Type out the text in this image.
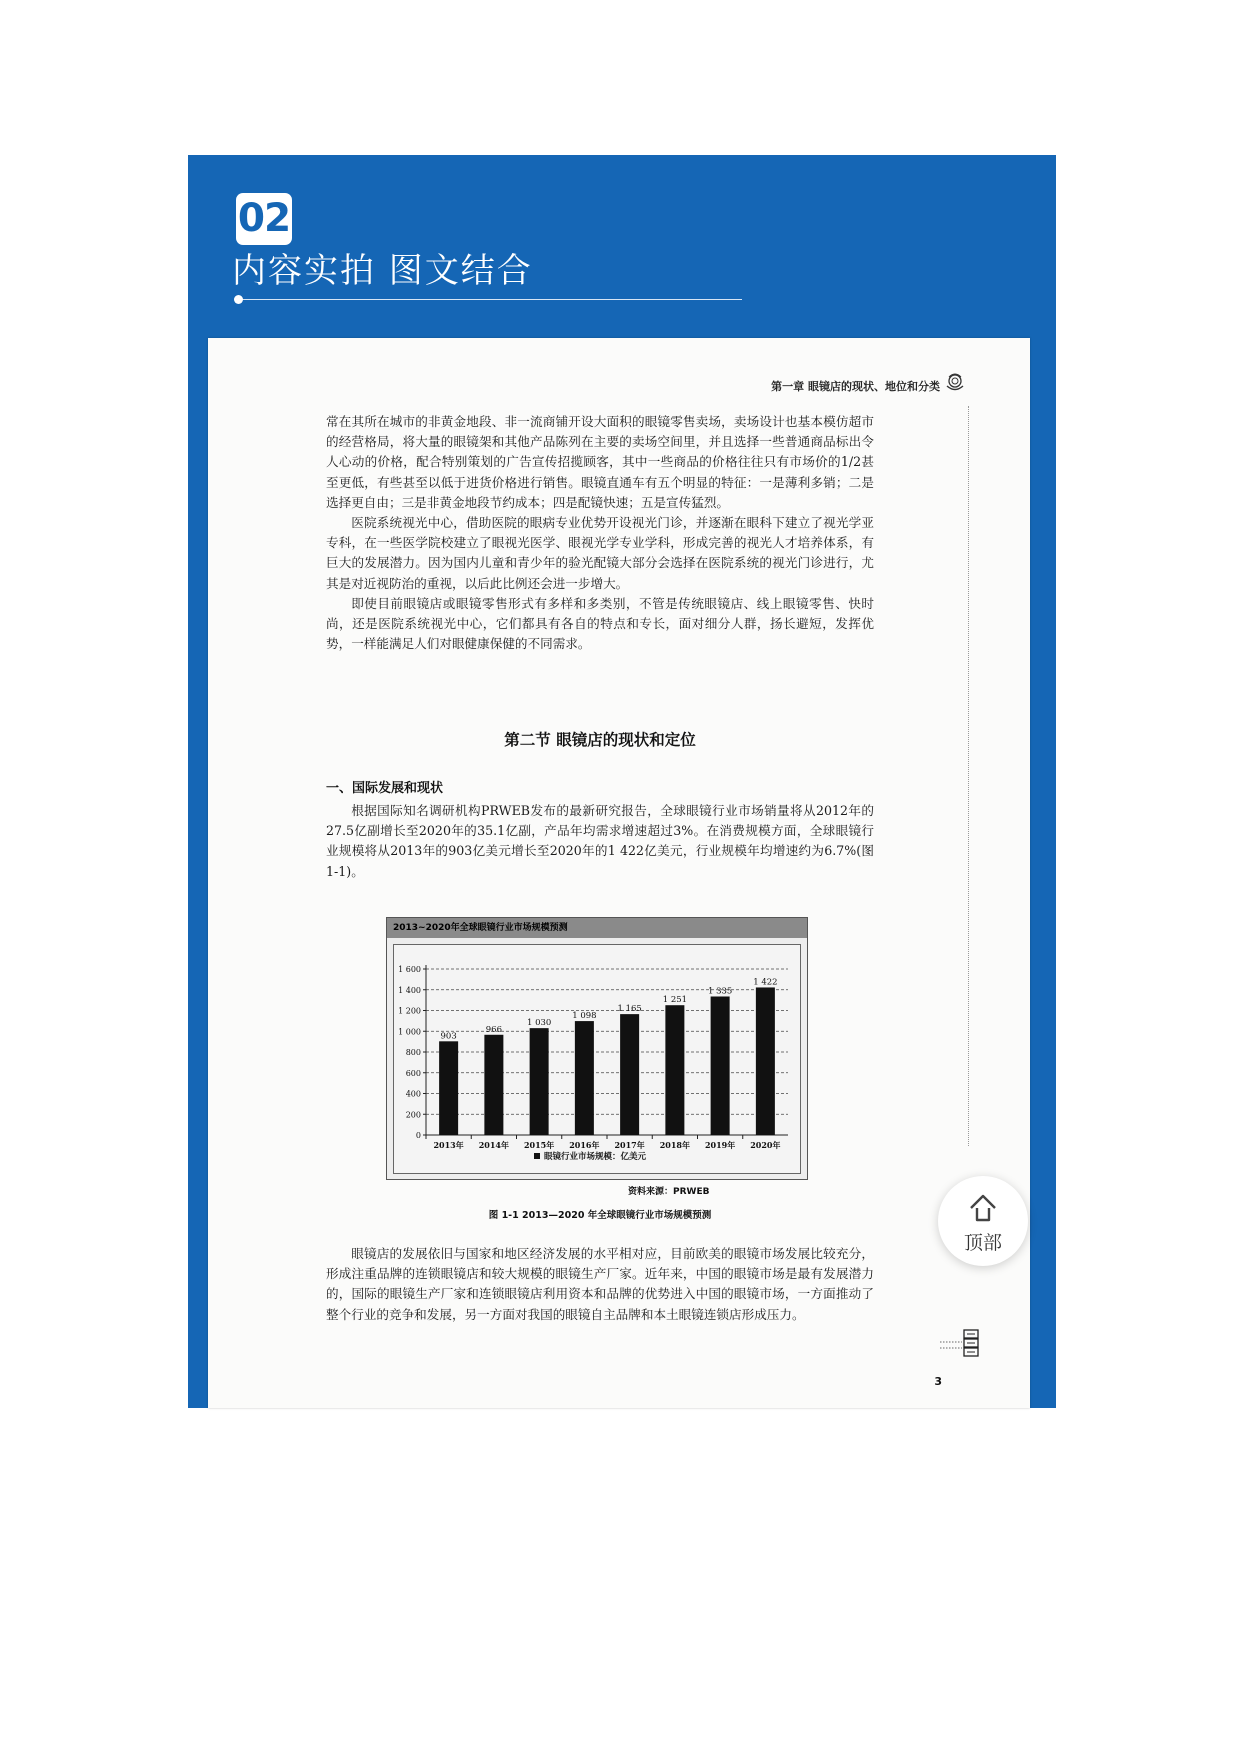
02
内容实拍 图文结合
第一章 眼镜店的现状、地位和分类

常在其所在城市的非黄金地段、非一流商铺开设大面积的眼镜零售卖场，卖场设计也基本模仿超市的经营格局，将大量的眼镜架和其他产品陈列在主要的卖场空间里，并且选择一些普通商品标出令人心动的价格，配合特别策划的广告宣传招揽顾客，其中一些商品的价格往往只有市场价的1/2甚至更低，有些甚至以低于进货价格进行销售。眼镜直通车有五个明显的特征：一是薄利多销；二是选择更自由；三是非黄金地段节约成本；四是配镜快速；五是宣传猛烈。

医院系统视光中心，借助医院的眼病专业优势开设视光门诊，并逐渐在眼科下建立了视光学亚专科，在一些医学院校建立了眼视光医学、眼视光学专业学科，形成完善的视光人才培养体系，有巨大的发展潜力。因为国内儿童和青少年的验光配镜大部分会选择在医院系统的视光门诊进行，尤其是对近视防治的重视，以后此比例还会进一步增大。

即使目前眼镜店或眼镜零售形式有多样和多类别，不管是传统眼镜店、线上眼镜零售、快时尚，还是医院系统视光中心，它们都具有各自的特点和专长，面对细分人群，扬长避短，发挥优势，一样能满足人们对眼健康保健的不同需求。

第二节 眼镜店的现状和定位
一、国际发展和现状

根据国际知名调研机构PRWEB发布的最新研究报告，全球眼镜行业市场销量将从2012年的27.5亿副增长至2020年的35.1亿副，产品年均需求增速超过3%。在消费规模方面，全球眼镜行业规模将从2013年的903亿美元增长至2020年的1 422亿美元，行业规模年均增速约为6.7%(图1-1)。

2013~2020年全球眼镜行业市场规模预测
0
200
400
600
800
1 000
1 200
1 400
1 600
903
2013年
966
2014年
1 030
2015年
1 098
2016年
1 165
2017年
1 251
2018年
1 335
2019年
1 422
2020年
眼镜行业市场规模：亿美元
资料来源：PRWEB
图 1-1 2013—2020 年全球眼镜行业市场规模预测

眼镜店的发展依旧与国家和地区经济发展的水平相对应，目前欧美的眼镜市场发展比较充分，形成注重品牌的连锁眼镜店和较大规模的眼镜生产厂家。近年来，中国的眼镜市场是最有发展潜力的，国际的眼镜生产厂家和连锁眼镜店利用资本和品牌的优势进入中国的眼镜市场，一方面推动了整个行业的竞争和发展，另一方面对我国的眼镜自主品牌和本土眼镜连锁店形成压力。

3
顶部
